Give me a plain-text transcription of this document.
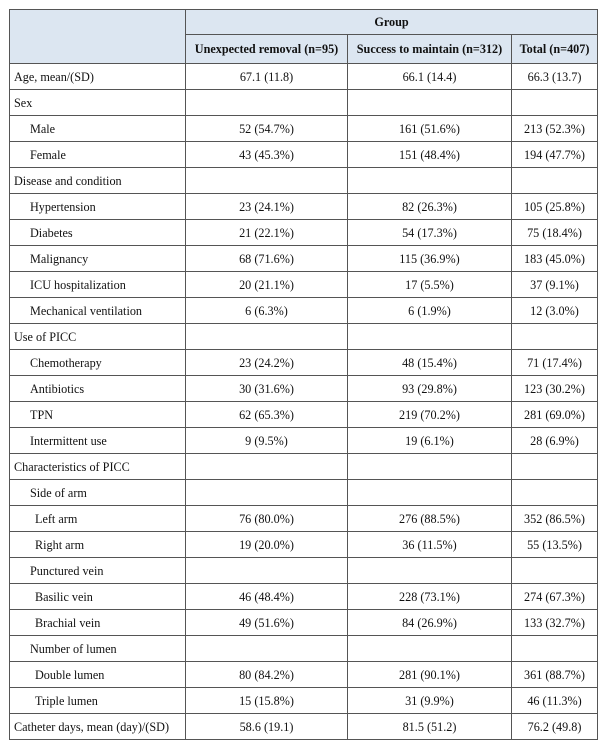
	Group		
	Unexpected removal (n=95)	Success to maintain (n=312)	Total (n=407)
Age, mean/(SD)	67.1 (11.8)	66.1 (14.4)	66.3 (13.7)
Sex			
Male	52 (54.7%)	161 (51.6%)	213 (52.3%)
Female	43 (45.3%)	151 (48.4%)	194 (47.7%)
Disease and condition			
Hypertension	23 (24.1%)	82 (26.3%)	105 (25.8%)
Diabetes	21 (22.1%)	54 (17.3%)	75 (18.4%)
Malignancy	68 (71.6%)	115 (36.9%)	183 (45.0%)
ICU hospitalization	20 (21.1%)	17 (5.5%)	37 (9.1%)
Mechanical ventilation	6 (6.3%)	6 (1.9%)	12 (3.0%)
Use of PICC			
Chemotherapy	23 (24.2%)	48 (15.4%)	71 (17.4%)
Antibiotics	30 (31.6%)	93 (29.8%)	123 (30.2%)
TPN	62 (65.3%)	219 (70.2%)	281 (69.0%)
Intermittent use	9 (9.5%)	19 (6.1%)	28 (6.9%)
Characteristics of PICC			
Side of arm			
Left arm	76 (80.0%)	276 (88.5%)	352 (86.5%)
Right arm	19 (20.0%)	36 (11.5%)	55 (13.5%)
Punctured vein			
Basilic vein	46 (48.4%)	228 (73.1%)	274 (67.3%)
Brachial vein	49 (51.6%)	84 (26.9%)	133 (32.7%)
Number of lumen			
Double lumen	80 (84.2%)	281 (90.1%)	361 (88.7%)
Triple lumen	15 (15.8%)	31 (9.9%)	46 (11.3%)
Catheter days, mean (day)/(SD)	58.6 (19.1)	81.5 (51.2)	76.2 (49.8)
